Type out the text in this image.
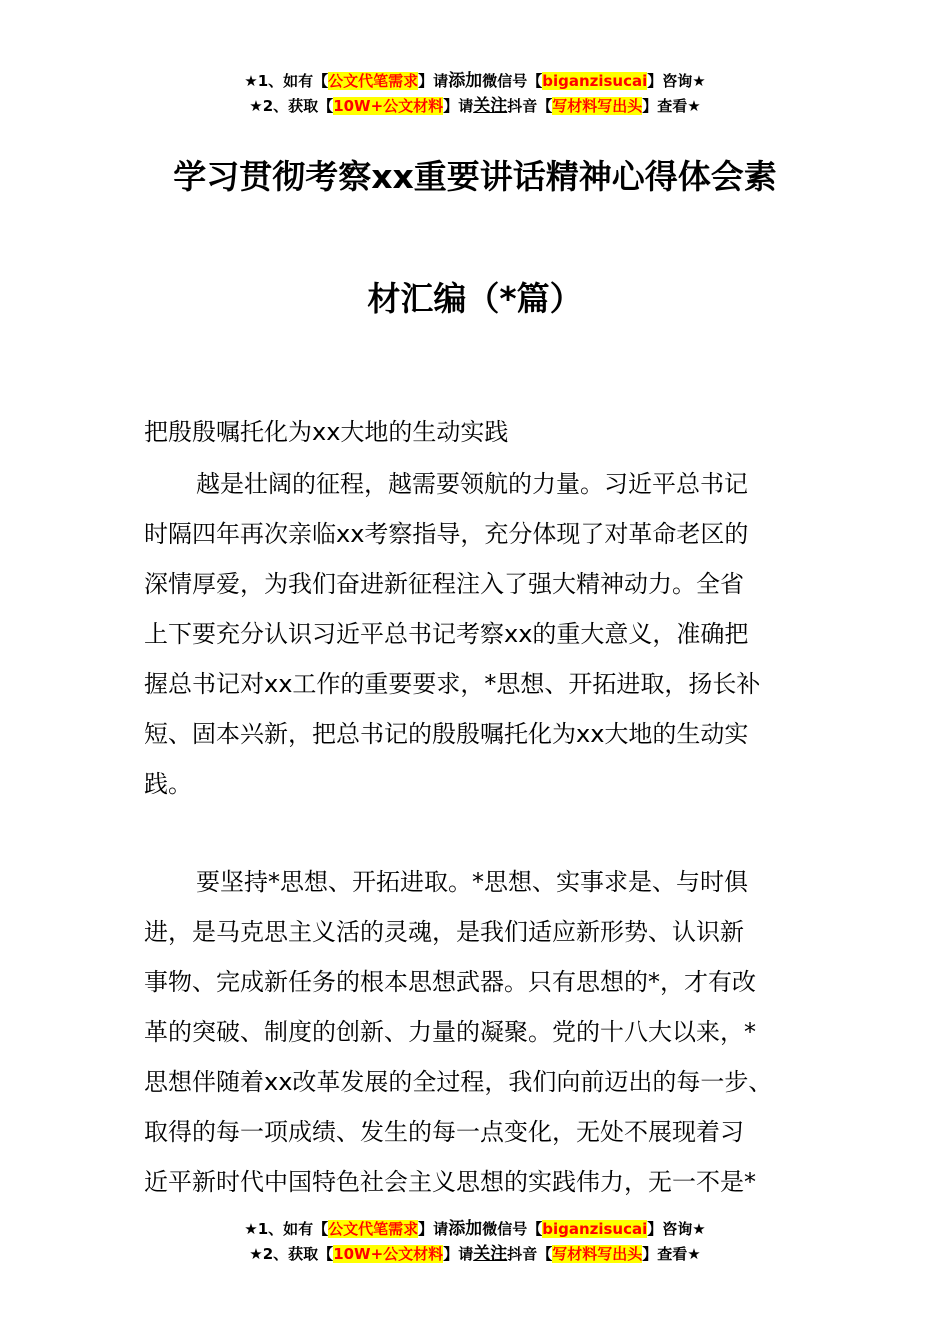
★1、如有【公文代笔需求】请添加微信号【biganzisucai】咨询★
★2、获取【10W+公文材料】请关注抖音【写材料写出头】查看★
学习贯彻考察xx重要讲话精神心得体会素
材汇编（*篇）
把殷殷嘱托化为xx大地的生动实践
越是壮阔的征程，越需要领航的力量。习近平总书记
时隔四年再次亲临xx考察指导，充分体现了对革命老区的
深情厚爱，为我们奋进新征程注入了强大精神动力。全省
上下要充分认识习近平总书记考察xx的重大意义，准确把
握总书记对xx工作的重要要求，*思想、开拓进取，扬长补
短、固本兴新，把总书记的殷殷嘱托化为xx大地的生动实
践。
要坚持*思想、开拓进取。*思想、实事求是、与时俱
进，是马克思主义活的灵魂，是我们适应新形势、认识新
事物、完成新任务的根本思想武器。只有思想的*，才有改
革的突破、制度的创新、力量的凝聚。党的十八大以来，*
思想伴随着xx改革发展的全过程，我们向前迈出的每一步、
取得的每一项成绩、发生的每一点变化，无处不展现着习
近平新时代中国特色社会主义思想的实践伟力，无一不是*
★1、如有【公文代笔需求】请添加微信号【biganzisucai】咨询★
★2、获取【10W+公文材料】请关注抖音【写材料写出头】查看★
